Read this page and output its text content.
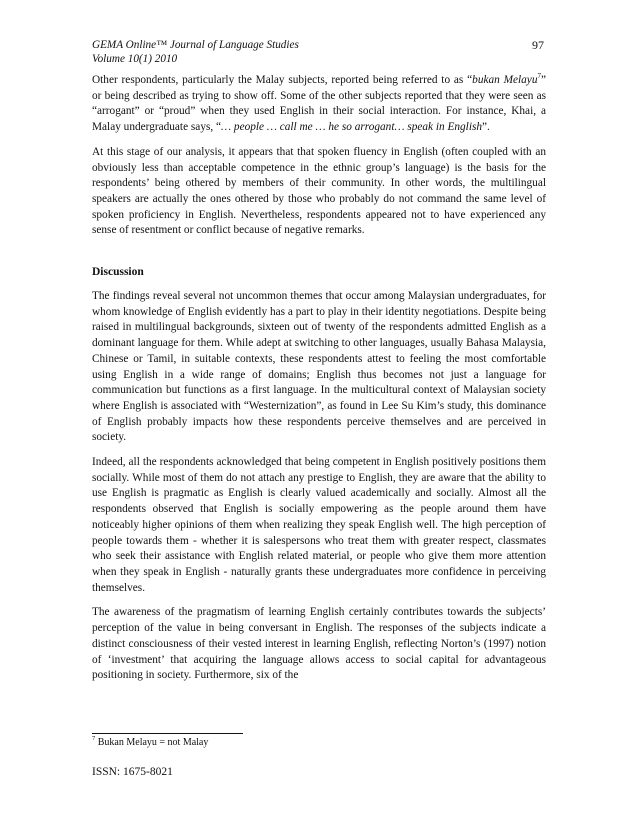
GEMA Online™ Journal of Language Studies
Volume 10(1) 2010
97

Other respondents, particularly the Malay subjects, reported being referred to as “bukan Melayu$^7$” or being described as trying to show off. Some of the other subjects reported that they were seen as “arrogant” or “proud” when they used English in their social interaction. For instance, Khai, a Malay undergraduate says, “… people … call me … he so arrogant… speak in English”.

At this stage of our analysis, it appears that that spoken fluency in English (often coupled with an obviously less than acceptable competence in the ethnic group’s language) is the basis for the respondents’ being othered by members of their community. In other words, the multilingual speakers are actually the ones othered by those who probably do not command the same level of spoken proficiency in English. Nevertheless, respondents appeared not to have experienced any sense of resentment or conflict because of negative remarks.

Discussion

The findings reveal several not uncommon themes that occur among Malaysian undergraduates, for whom knowledge of English evidently has a part to play in their identity negotiations. Despite being raised in multilingual backgrounds, sixteen out of twenty of the respondents admitted English as a dominant language for them. While adept at switching to other languages, usually Bahasa Malaysia, Chinese or Tamil, in suitable contexts, these respondents attest to feeling the most comfortable using English in a wide range of domains; English thus becomes not just a language for communication but functions as a first language. In the multicultural context of Malaysian society where English is associated with “Westernization”, as found in Lee Su Kim’s study, this dominance of English probably impacts how these respondents perceive themselves and are perceived in society.

Indeed, all the respondents acknowledged that being competent in English positively positions them socially. While most of them do not attach any prestige to English, they are aware that the ability to use English is pragmatic as English is clearly valued academically and socially. Almost all the respondents observed that English is socially empowering as the people around them have noticeably higher opinions of them when realizing they speak English well. The high perception of people towards them - whether it is salespersons who treat them with greater respect, classmates who seek their assistance with English related material, or people who give them more attention when they speak in English - naturally grants these undergraduates more confidence in perceiving themselves.

The awareness of the pragmatism of learning English certainly contributes towards the subjects’ perception of the value in being conversant in English. The responses of the subjects indicate a distinct consciousness of their vested interest in learning English, reflecting Norton’s (1997) notion of ‘investment’ that acquiring the language allows access to social capital for advantageous positioning in society. Furthermore, six of the

$^7$ Bukan Melayu = not Malay
ISSN: 1675-8021
